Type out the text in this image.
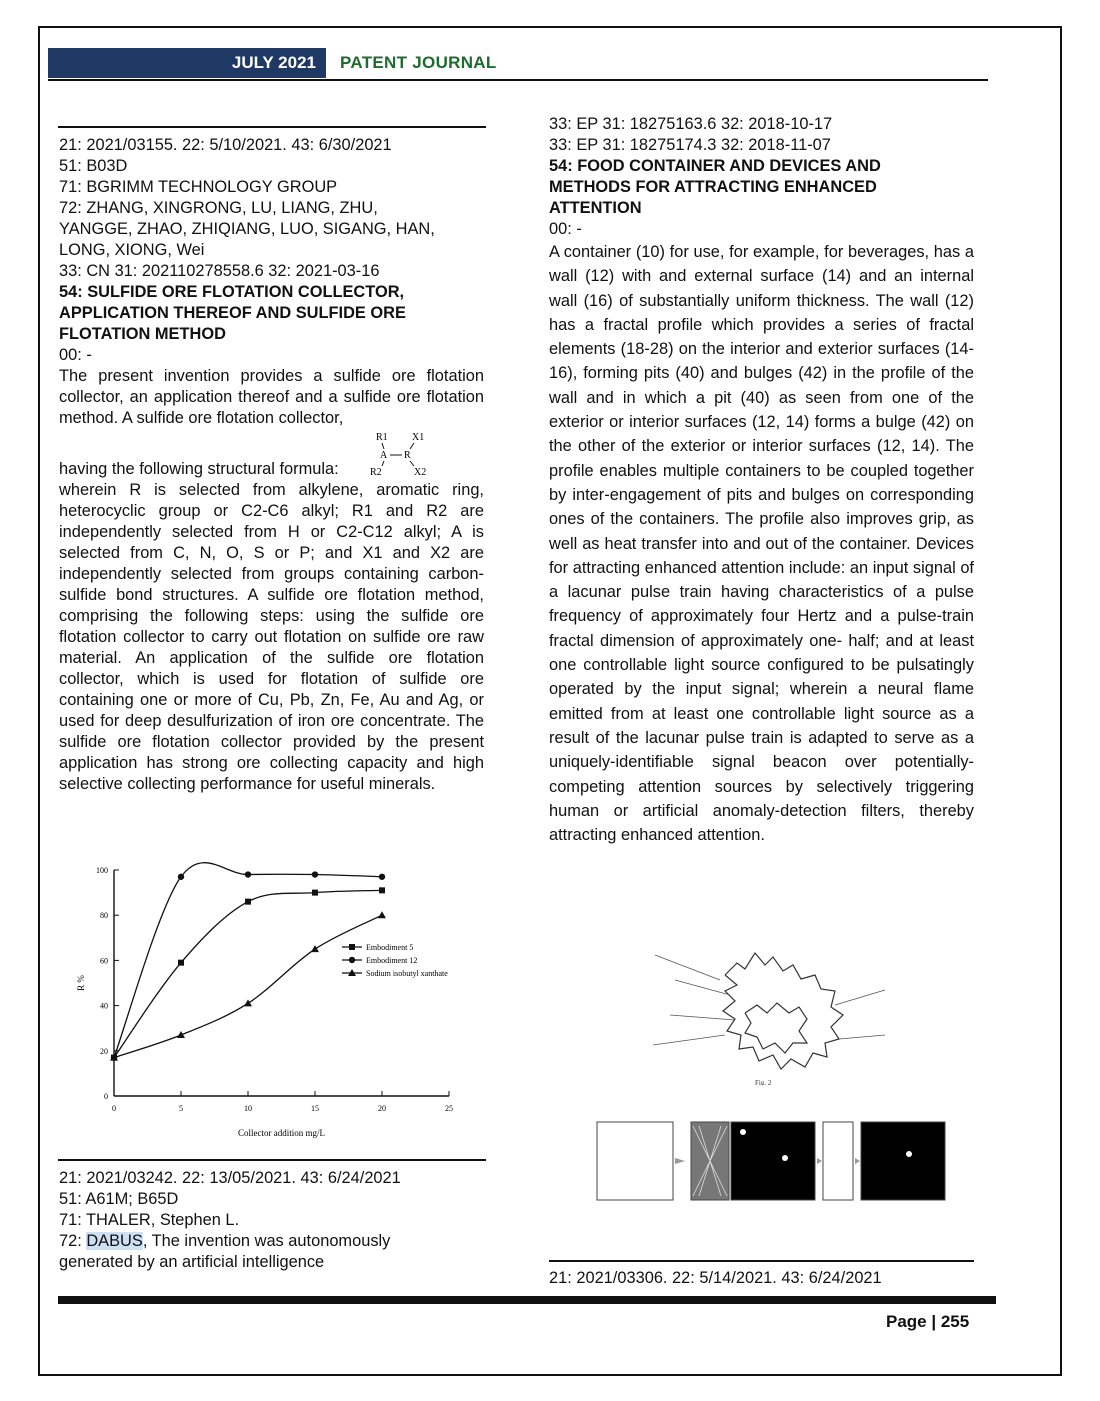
JULY 2021	PATENT JOURNAL

21: 2021/03155. 22: 5/10/2021. 43: 6/30/2021

51: B03D

71: BGRIMM TECHNOLOGY GROUP

72: ZHANG, XINGRONG, LU, LIANG, ZHU,

YANGGE, ZHAO, ZHIQIANG, LUO, SIGANG, HAN,

LONG, XIONG, Wei

33: CN 31: 202110278558.6 32: 2021-03-16

54: SULFIDE ORE FLOTATION COLLECTOR,

APPLICATION THEREOF AND SULFIDE ORE

FLOTATION METHOD

00: -

The present invention provides a sulfide ore flotation collector, an application thereof and a sulfide ore flotation method. A sulfide ore flotation collector,

having the following structural formula:

wherein R is selected from alkylene, aromatic ring, heterocyclic group or C2-C6 alkyl; R1 and R2 are independently selected from H or C2-C12 alkyl; A is selected from C, N, O, S or P; and X1 and X2 are independently selected from groups containing carbon-sulfide bond structures. A sulfide ore flotation method, comprising the following steps: using the sulfide ore flotation collector to carry out flotation on sulfide ore raw material. An application of the sulfide ore flotation collector, which is used for flotation of sulfide ore containing one or more of Cu, Pb, Zn, Fe, Au and Ag, or used for deep desulfurization of iron ore concentrate. The sulfide ore flotation collector provided by the present application has strong ore collecting capacity and high selective collecting performance for useful minerals.

R1 X1
A R
R2	X2
0
20
40
60
80
100
0	5	10	15	20	25
Collector addition mg/L
R %
Embodiment 5
Embodiment 12
Sodium isobutyl xanthate

21: 2021/03242. 22: 13/05/2021. 43: 6/24/2021

51: A61M; B65D

71: THALER, Stephen L.

72: DABUS, The invention was autonomously

generated by an artificial intelligence

33: EP 31: 18275163.6 32: 2018-10-17

33: EP 31: 18275174.3 32: 2018-11-07

54: FOOD CONTAINER AND DEVICES AND

METHODS FOR ATTRACTING ENHANCED

ATTENTION

00: -

A container (10) for use, for example, for beverages, has a wall (12) with and external surface (14) and an internal wall (16) of substantially uniform thickness. The wall (12) has a fractal profile which provides a series of fractal elements (18-28) on the interior and exterior surfaces (14-16), forming pits (40) and bulges (42) in the profile of the wall and in which a pit (40) as seen from one of the exterior or interior surfaces (12, 14) forms a bulge (42) on the other of the exterior or interior surfaces (12, 14). The profile enables multiple containers to be coupled together by inter-engagement of pits and bulges on corresponding ones of the containers. The profile also improves grip, as well as heat transfer into and out of the container. Devices for attracting enhanced attention include: an input signal of a lacunar pulse train having characteristics of a pulse frequency of approximately four Hertz and a pulse-train fractal dimension of approximately one- half; and at least one controllable light source configured to be pulsatingly operated by the input signal; wherein a neural flame emitted from at least one controllable light source as a result of the lacunar pulse train is adapted to serve as a uniquely-identifiable signal beacon over potentially-competing attention sources by selectively triggering human or artificial anomaly-detection filters, thereby attracting enhanced attention.

Fig. 2

21: 2021/03306. 22: 5/14/2021. 43: 6/24/2021

Page | 255
